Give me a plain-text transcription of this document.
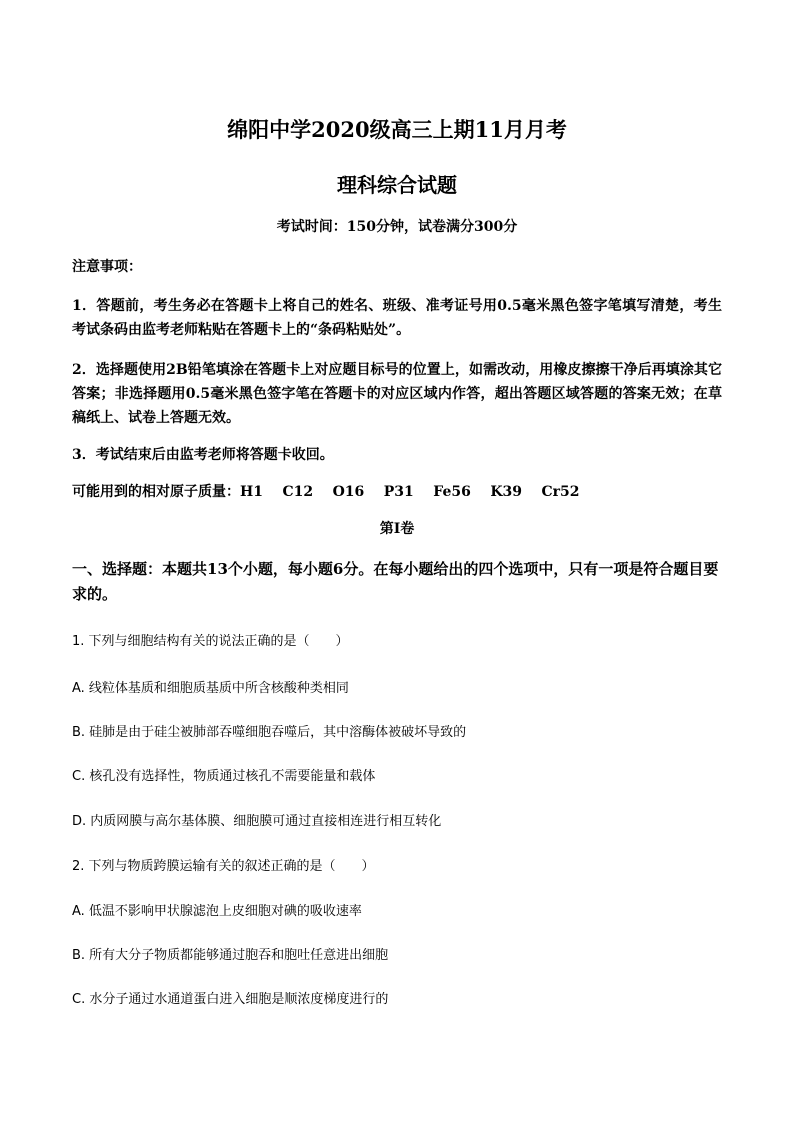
绵阳中学2020级高三上期11月月考
理科综合试题
考试时间：150分钟，试卷满分300分
注意事项：
1．答题前，考生务必在答题卡上将自己的姓名、班级、准考证号用0.5毫米黑色签字笔填写清楚，考生考试条码由监考老师粘贴在答题卡上的“条码粘贴处”。
2．选择题使用2B铅笔填涂在答题卡上对应题目标号的位置上，如需改动，用橡皮擦擦干净后再填涂其它答案；非选择题用0.5毫米黑色签字笔在答题卡的对应区域内作答，超出答题区域答题的答案无效；在草稿纸上、试卷上答题无效。
3．考试结束后由监考老师将答题卡收回。
可能用到的相对原子质量：H1    C12    O16    P31    Fe56    K39    Cr52
第Ⅰ卷
一、选择题：本题共13个小题，每小题6分。在每小题给出的四个选项中，只有一项是符合题目要求的。
1. 下列与细胞结构有关的说法正确的是（　　）
A. 线粒体基质和细胞质基质中所含核酸种类相同
B. 硅肺是由于硅尘被肺部吞噬细胞吞噬后，其中溶酶体被破坏导致的
C. 核孔没有选择性，物质通过核孔不需要能量和载体
D. 内质网膜与高尔基体膜、细胞膜可通过直接相连进行相互转化
2. 下列与物质跨膜运输有关的叙述正确的是（　　）
A. 低温不影响甲状腺滤泡上皮细胞对碘的吸收速率
B. 所有大分子物质都能够通过胞吞和胞吐任意进出细胞
C. 水分子通过水通道蛋白进入细胞是顺浓度梯度进行的
